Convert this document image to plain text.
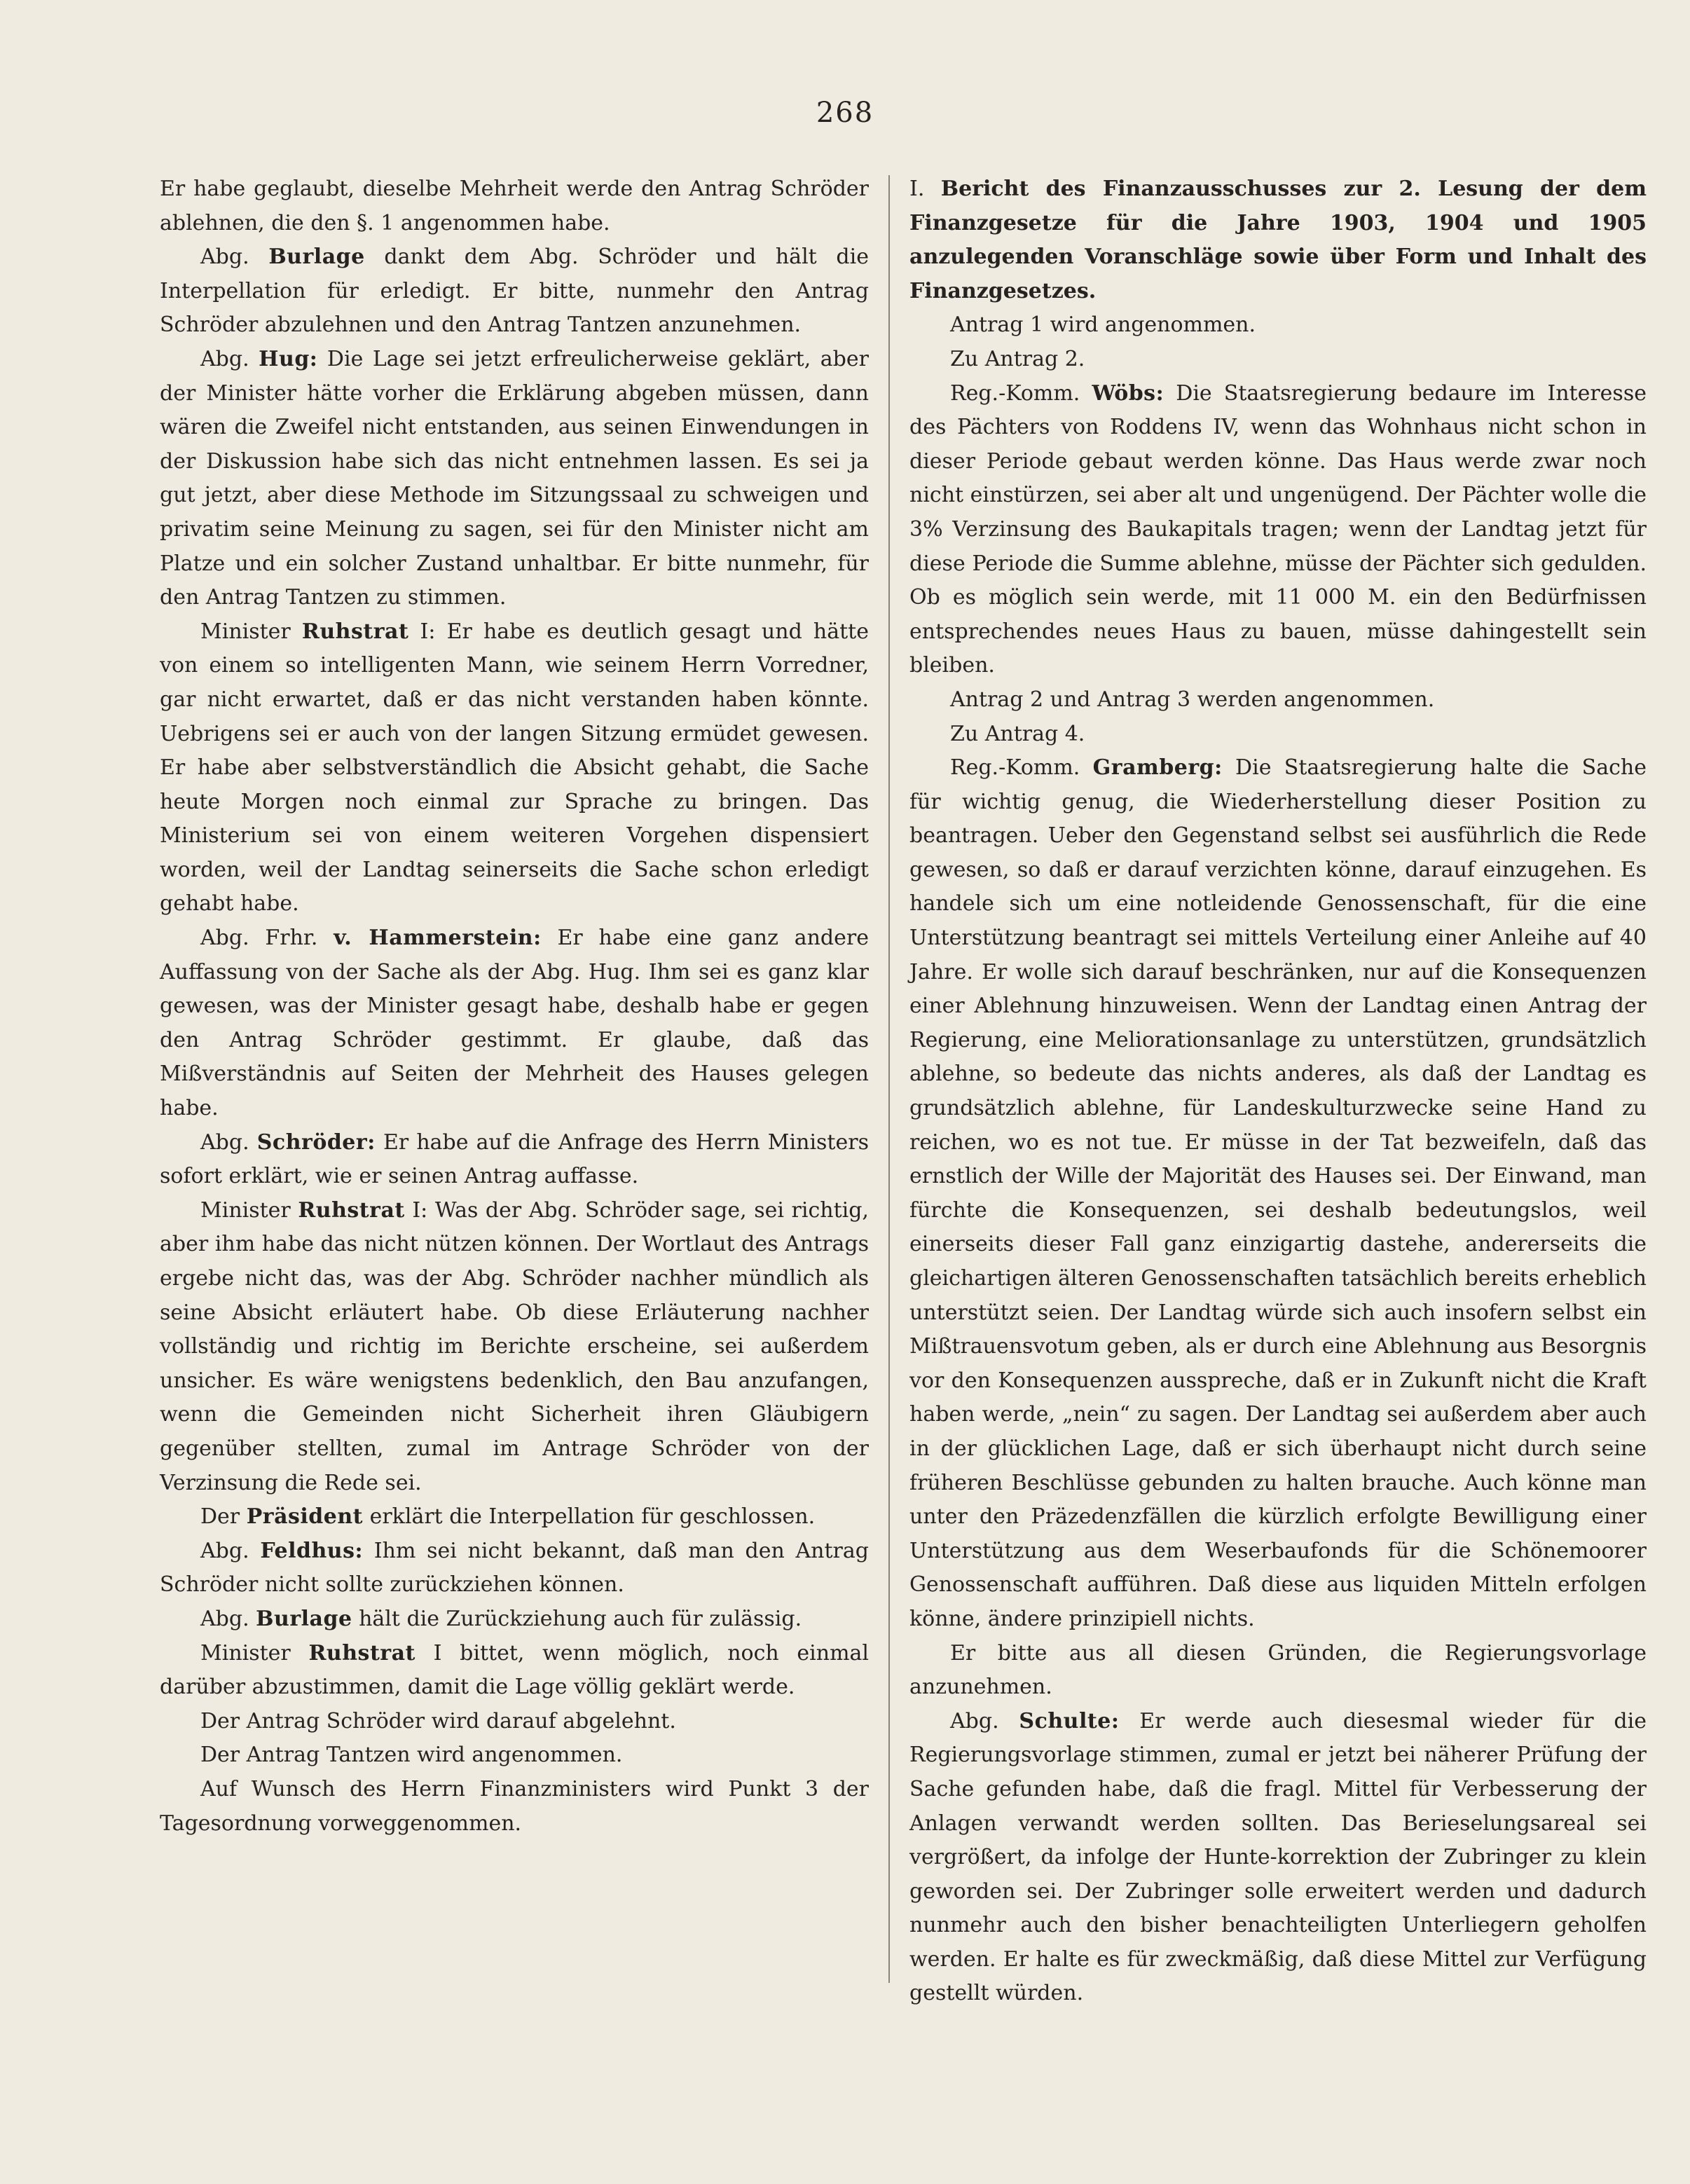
268

Er habe geglaubt, dieselbe Mehrheit werde den Antrag Schröder ablehnen, die den §. 1 angenommen habe.

Abg. Burlage dankt dem Abg. Schröder und hält die Interpellation für erledigt. Er bitte, nunmehr den Antrag Schröder abzulehnen und den Antrag Tantzen anzunehmen.

Abg. Hug: Die Lage sei jetzt erfreulicherweise geklärt, aber der Minister hätte vorher die Erklärung abgeben müssen, dann wären die Zweifel nicht entstanden, aus seinen Einwendungen in der Diskussion habe sich das nicht entnehmen lassen. Es sei ja gut jetzt, aber diese Methode im Sitzungssaal zu schweigen und privatim seine Meinung zu sagen, sei für den Minister nicht am Platze und ein solcher Zustand unhaltbar. Er bitte nunmehr, für den Antrag Tantzen zu stimmen.

Minister Ruhstrat I: Er habe es deutlich gesagt und hätte von einem so intelligenten Mann, wie seinem Herrn Vorredner, gar nicht erwartet, daß er das nicht verstanden haben könnte. Uebrigens sei er auch von der langen Sitzung ermüdet gewesen. Er habe aber selbstverständlich die Absicht gehabt, die Sache heute Morgen noch einmal zur Sprache zu bringen. Das Ministerium sei von einem weiteren Vorgehen dispensiert worden, weil der Landtag seinerseits die Sache schon erledigt gehabt habe.

Abg. Frhr. v. Hammerstein: Er habe eine ganz andere Auffassung von der Sache als der Abg. Hug. Ihm sei es ganz klar gewesen, was der Minister gesagt habe, deshalb habe er gegen den Antrag Schröder gestimmt. Er glaube, daß das Mißverständnis auf Seiten der Mehrheit des Hauses gelegen habe.

Abg. Schröder: Er habe auf die Anfrage des Herrn Ministers sofort erklärt, wie er seinen Antrag auffasse.

Minister Ruhstrat I: Was der Abg. Schröder sage, sei richtig, aber ihm habe das nicht nützen können. Der Wortlaut des Antrags ergebe nicht das, was der Abg. Schröder nachher mündlich als seine Absicht erläutert habe. Ob diese Erläuterung nachher vollständig und richtig im Berichte erscheine, sei außerdem unsicher. Es wäre wenigstens bedenklich, den Bau anzufangen, wenn die Gemeinden nicht Sicherheit ihren Gläubigern gegenüber stellten, zumal im Antrage Schröder von der Verzinsung die Rede sei.

Der Präsident erklärt die Interpellation für geschlossen.

Abg. Feldhus: Ihm sei nicht bekannt, daß man den Antrag Schröder nicht sollte zurückziehen können.

Abg. Burlage hält die Zurückziehung auch für zulässig.

Minister Ruhstrat I bittet, wenn möglich, noch einmal darüber abzustimmen, damit die Lage völlig geklärt werde.

Der Antrag Schröder wird darauf abgelehnt.

Der Antrag Tantzen wird angenommen.

Auf Wunsch des Herrn Finanzministers wird Punkt 3 der Tagesordnung vorweggenommen.

I. Bericht des Finanzausschusses zur 2. Lesung der dem Finanzgesetze für die Jahre 1903, 1904 und 1905 anzulegenden Voranschläge sowie über Form und Inhalt des Finanzgesetzes.

Antrag 1 wird angenommen.

Zu Antrag 2.

Reg.-Komm. Wöbs: Die Staatsregierung bedaure im Interesse des Pächters von Roddens IV, wenn das Wohnhaus nicht schon in dieser Periode gebaut werden könne. Das Haus werde zwar noch nicht einstürzen, sei aber alt und ungenügend. Der Pächter wolle die 3% Verzinsung des Baukapitals tragen; wenn der Landtag jetzt für diese Periode die Summe ablehne, müsse der Pächter sich gedulden. Ob es möglich sein werde, mit 11 000 M. ein den Bedürfnissen entsprechendes neues Haus zu bauen, müsse dahingestellt sein bleiben.

Antrag 2 und Antrag 3 werden angenommen.

Zu Antrag 4.

Reg.-Komm. Gramberg: Die Staatsregierung halte die Sache für wichtig genug, die Wiederherstellung dieser Position zu beantragen. Ueber den Gegenstand selbst sei ausführlich die Rede gewesen, so daß er darauf verzichten könne, darauf einzugehen. Es handele sich um eine notleidende Genossenschaft, für die eine Unterstützung beantragt sei mittels Verteilung einer Anleihe auf 40 Jahre. Er wolle sich darauf beschränken, nur auf die Konsequenzen einer Ablehnung hinzuweisen. Wenn der Landtag einen Antrag der Regierung, eine Meliorationsanlage zu unterstützen, grundsätzlich ablehne, so bedeute das nichts anderes, als daß der Landtag es grundsätzlich ablehne, für Landeskulturzwecke seine Hand zu reichen, wo es not tue. Er müsse in der Tat bezweifeln, daß das ernstlich der Wille der Majorität des Hauses sei. Der Einwand, man fürchte die Konsequenzen, sei deshalb bedeutungslos, weil einerseits dieser Fall ganz einzigartig dastehe, andererseits die gleichartigen älteren Genossenschaften tatsächlich bereits erheblich unterstützt seien. Der Landtag würde sich auch insofern selbst ein Mißtrauensvotum geben, als er durch eine Ablehnung aus Besorgnis vor den Konsequenzen ausspreche, daß er in Zukunft nicht die Kraft haben werde, „nein“ zu sagen. Der Landtag sei außerdem aber auch in der glücklichen Lage, daß er sich überhaupt nicht durch seine früheren Beschlüsse gebunden zu halten brauche. Auch könne man unter den Präzedenzfällen die kürzlich erfolgte Bewilligung einer Unterstützung aus dem Weserbaufonds für die Schönemoorer Genossenschaft aufführen. Daß diese aus liquiden Mitteln erfolgen könne, ändere prinzipiell nichts.

Er bitte aus all diesen Gründen, die Regierungsvorlage anzunehmen.

Abg. Schulte: Er werde auch diesesmal wieder für die Regierungsvorlage stimmen, zumal er jetzt bei näherer Prüfung der Sache gefunden habe, daß die fragl. Mittel für Verbesserung der Anlagen verwandt werden sollten. Das Berieselungsareal sei vergrößert, da infolge der Hunte-korrektion der Zubringer zu klein geworden sei. Der Zubringer solle erweitert werden und dadurch nunmehr auch den bisher benachteiligten Unterliegern geholfen werden. Er halte es für zweckmäßig, daß diese Mittel zur Verfügung gestellt würden.
